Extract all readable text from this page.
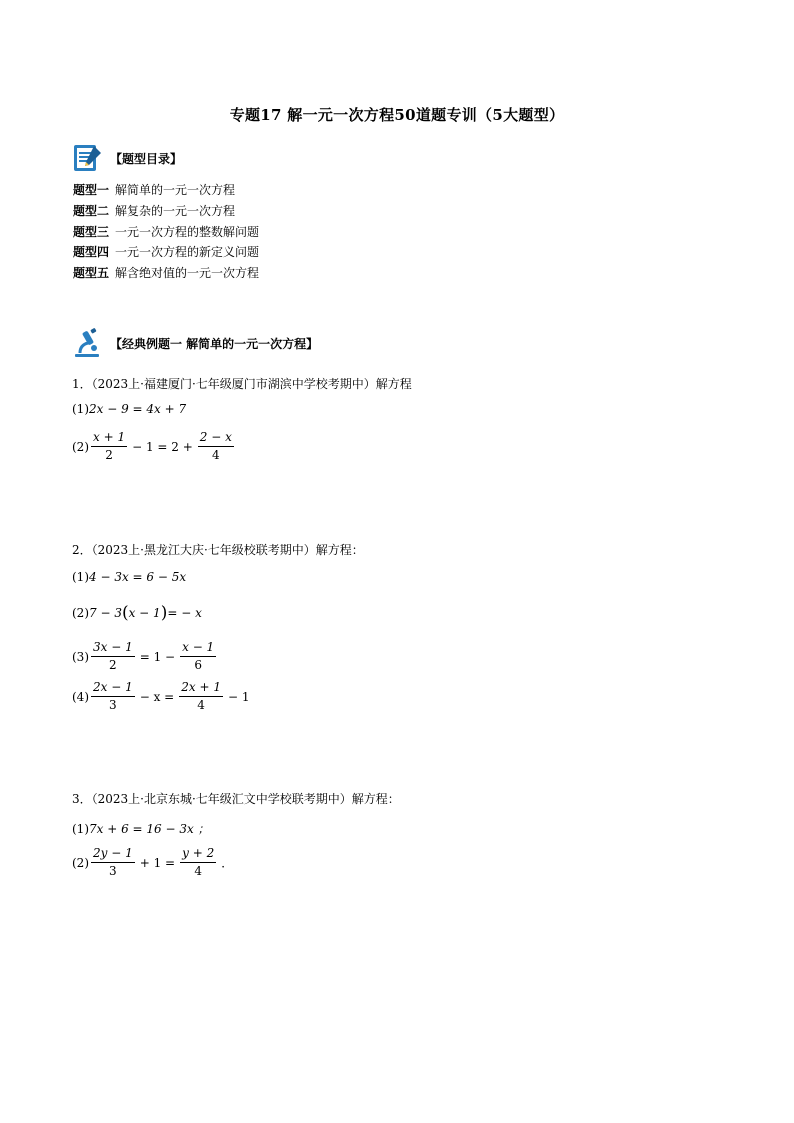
专题17 解一元一次方程50道题专训（5大题型）
【题型目录】
题型一 解简单的一元一次方程
题型二 解复杂的一元一次方程
题型三 一元一次方程的整数解问题
题型四 一元一次方程的新定义问题
题型五 解含绝对值的一元一次方程
【经典例题一 解简单的一元一次方程】
1．（2023上·福建厦门·七年级厦门市湖滨中学校考期中）解方程
(1) 2x − 9 = 4x + 7
$(2) \frac{x + 1}{2} - 1 = 2 + \frac{2 - x}{4}$
2．（2023上·黑龙江大庆·七年级校联考期中）解方程：
(1) 4 − 3x = 6 − 5x
(2) 7 − 3 ( x − 1 ) = − x
$(3) \frac{3x - 1}{2} = 1 - \frac{x - 1}{6}$
$(4) \frac{2x - 1}{3} - x = \frac{2x + 1}{4} - 1$
3．（2023上·北京东城·七年级汇文中学校联考期中）解方程：
(1) 7x + 6 = 16 − 3x ；
$(2) \frac{2y - 1}{3} + 1 = \frac{y + 2}{4}$ ．
